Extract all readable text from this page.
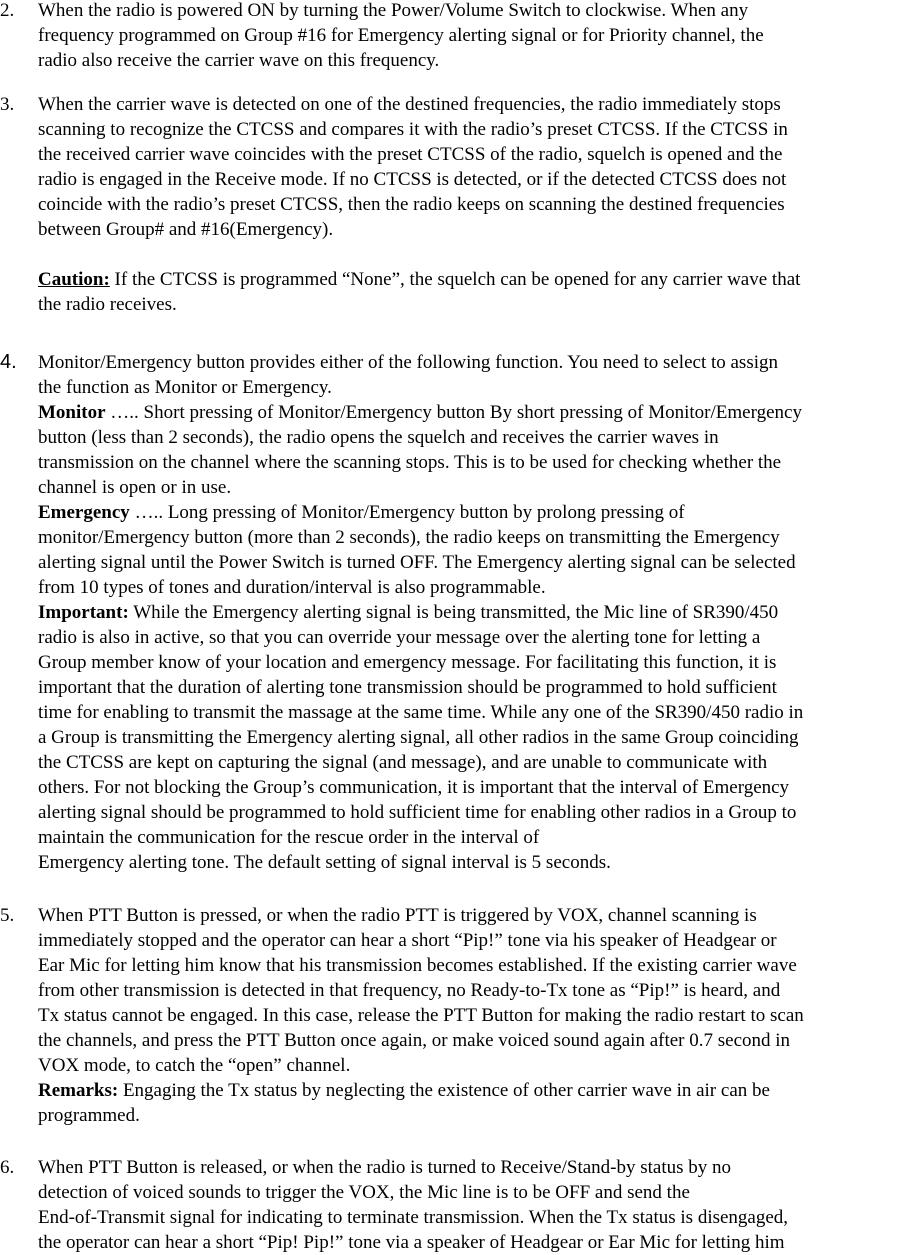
2. When the radio is powered ON by turning the Power/Volume Switch to clockwise. When any
frequency programmed on Group #16 for Emergency alerting signal or for Priority channel, the
radio also receive the carrier wave on this frequency.
3. When the carrier wave is detected on one of the destined frequencies, the radio immediately stops
scanning to recognize the CTCSS and compares it with the radio’s preset CTCSS. If the CTCSS in
the received carrier wave coincides with the preset CTCSS of the radio, squelch is opened and the
radio is engaged in the Receive mode. If no CTCSS is detected, or if the detected CTCSS does not
coincide with the radio’s preset CTCSS, then the radio keeps on scanning the destined frequencies
between Group# and #16(Emergency).
Caution: If the CTCSS is programmed “None”, the squelch can be opened for any carrier wave that
the radio receives.
4. Monitor/Emergency button provides either of the following function. You need to select to assign
the function as Monitor or Emergency.
Monitor ….. Short pressing of Monitor/Emergency button By short pressing of Monitor/Emergency
button (less than 2 seconds), the radio opens the squelch and receives the carrier waves in
transmission on the channel where the scanning stops. This is to be used for checking whether the
channel is open or in use.
Emergency ….. Long pressing of Monitor/Emergency button by prolong pressing of
monitor/Emergency button (more than 2 seconds), the radio keeps on transmitting the Emergency
alerting signal until the Power Switch is turned OFF. The Emergency alerting signal can be selected
from 10 types of tones and duration/interval is also programmable.
Important: While the Emergency alerting signal is being transmitted, the Mic line of SR390/450
radio is also in active, so that you can override your message over the alerting tone for letting a
Group member know of your location and emergency message. For facilitating this function, it is
important that the duration of alerting tone transmission should be programmed to hold sufficient
time for enabling to transmit the massage at the same time. While any one of the SR390/450 radio in
a Group is transmitting the Emergency alerting signal, all other radios in the same Group coinciding
the CTCSS are kept on capturing the signal (and message), and are unable to communicate with
others. For not blocking the Group’s communication, it is important that the interval of Emergency
alerting signal should be programmed to hold sufficient time for enabling other radios in a Group to
maintain the communication for the rescue order in the interval of
Emergency alerting tone. The default setting of signal interval is 5 seconds.
5. When PTT Button is pressed, or when the radio PTT is triggered by VOX, channel scanning is
immediately stopped and the operator can hear a short “Pip!” tone via his speaker of Headgear or
Ear Mic for letting him know that his transmission becomes established. If the existing carrier wave
from other transmission is detected in that frequency, no Ready-to-Tx tone as “Pip!” is heard, and
Tx status cannot be engaged. In this case, release the PTT Button for making the radio restart to scan
the channels, and press the PTT Button once again, or make voiced sound again after 0.7 second in
VOX mode, to catch the “open” channel.
Remarks: Engaging the Tx status by neglecting the existence of other carrier wave in air can be
programmed.
6. When PTT Button is released, or when the radio is turned to Receive/Stand-by status by no
detection of voiced sounds to trigger the VOX, the Mic line is to be OFF and send the
End-of-Transmit signal for indicating to terminate transmission. When the Tx status is disengaged,
the operator can hear a short “Pip! Pip!” tone via a speaker of Headgear or Ear Mic for letting him
